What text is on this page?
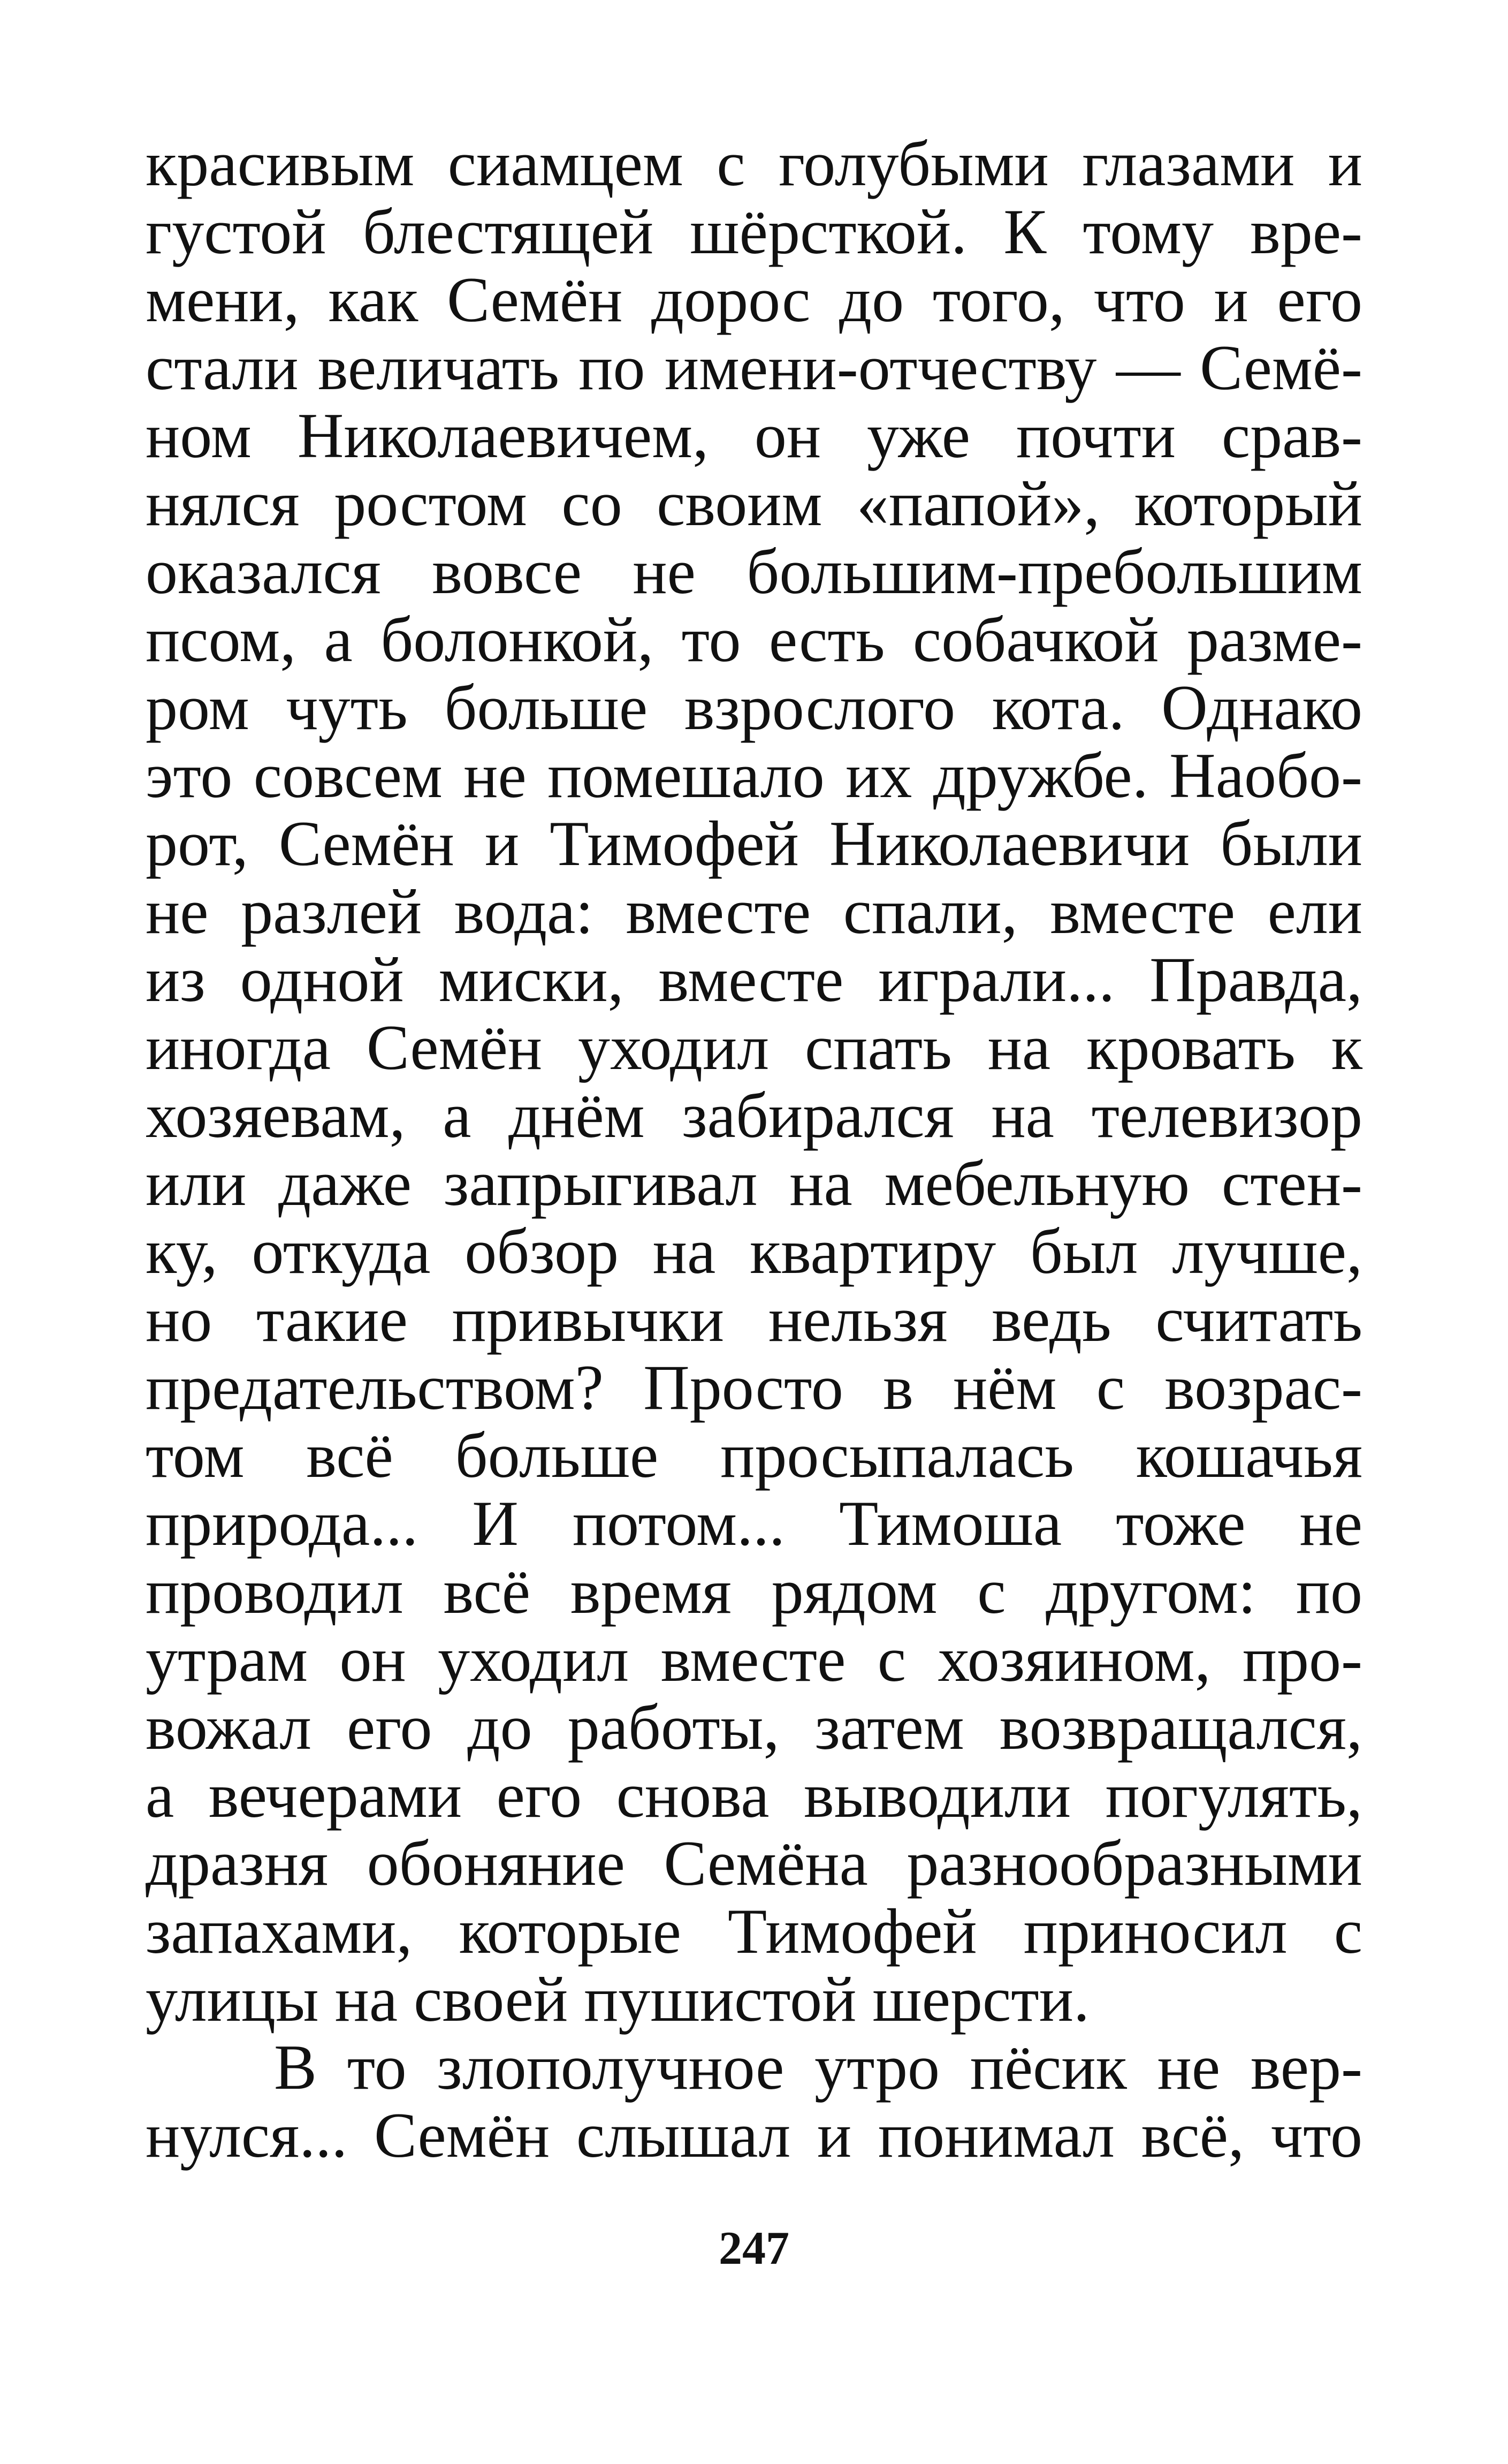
красивым сиамцем с голубыми глазами и
густой блестящей шёрсткой. К тому вре-
мени, как Семён дорос до того, что и его
стали величать по имени-отчеству — Семё-
ном Николаевичем, он уже почти срав-
нялся ростом со своим «папой», который
оказался вовсе не большим-пребольшим
псом, а болонкой, то есть собачкой разме-
ром чуть больше взрослого кота. Однако
это совсем не помешало их дружбе. Наобо-
рот, Семён и Тимофей Николаевичи были
не разлей вода: вместе спали, вместе ели
из одной миски, вместе играли... Правда,
иногда Семён уходил спать на кровать к
хозяевам, а днём забирался на телевизор
или даже запрыгивал на мебельную стен-
ку, откуда обзор на квартиру был лучше,
но такие привычки нельзя ведь считать
предательством? Просто в нём с возрас-
том всё больше просыпалась кошачья
природа... И потом... Тимоша тоже не
проводил всё время рядом с другом: по
утрам он уходил вместе с хозяином, про-
вожал его до работы, затем возвращался,
а вечерами его снова выводили погулять,
дразня обоняние Семёна разнообразными
запахами, которые Тимофей приносил с
улицы на своей пушистой шерсти.
В то злополучное утро пёсик не вер-
нулся... Семён слышал и понимал всё, что
247
